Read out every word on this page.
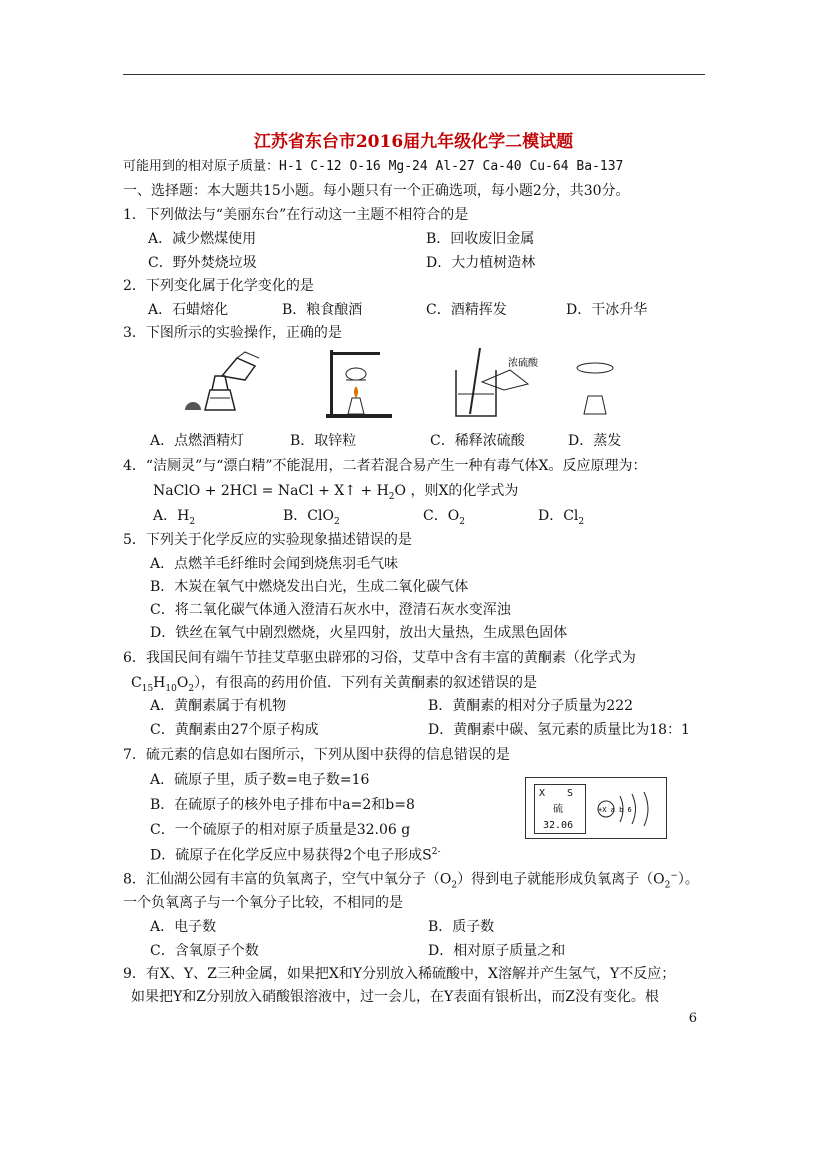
江苏省东台市2016届九年级化学二模试题
可能用到的相对原子质量：H-1 C-12 O-16 Mg-24 Al-27 Ca-40 Cu-64 Ba-137
一、选择题：本大题共15小题。每小题只有一个正确选项，每小题2分，共30分。
1．下列做法与“美丽东台”在行动这一主题不相符合的是
A．减少燃煤使用	B．回收废旧金属
C．野外焚烧垃圾	D．大力植树造林
2．下列变化属于化学变化的是
A．石蜡熔化	B．粮食酿酒	C．酒精挥发	D．干冰升华
3．下图所示的实验操作，正确的是
浓硫酸
A．点燃酒精灯	B．取锌粒	C．稀释浓硫酸	D．蒸发
4．“洁厕灵”与“漂白精”不能混用，二者若混合易产生一种有毒气体X。反应原理为：
NaClO + 2HCl = NaCl + X↑ + $H_2O$ ，则X的化学式为
A．$H_2$	B．ClO$_2$	C．$O_2$	D．$Cl_2$
5．下列关于化学反应的实验现象描述错误的是
A．点燃羊毛纤维时会闻到烧焦羽毛气味
B．木炭在氧气中燃烧发出白光，生成二氧化碳气体
C．将二氧化碳气体通入澄清石灰水中，澄清石灰水变浑浊
D．铁丝在氧气中剧烈燃烧，火星四射，放出大量热，生成黑色固体
6．我国民间有端午节挂艾草驱虫辟邪的习俗，艾草中含有丰富的黄酮素（化学式为
$C_{15}H_{10}O_2$），有很高的药用价值．下列有关黄酮素的叙述错误的是
A．黄酮素属于有机物	B．黄酮素的相对分子质量为222
C．黄酮素由27个原子构成	D．黄酮素中碳、氢元素的质量比为18：1
7．硫元素的信息如右图所示，下列从图中获得的信息错误的是
A．硫原子里，质子数=电子数=16
B．在硫原子的核外电子排布中a=2和b=8
C．一个硫原子的相对原子质量是32.06 g
D．硫原子在化学反应中易获得2个电子形成$S^{2-}$
X S
硫
32.06
+X a b 6
8．汇仙湖公园有丰富的负氧离子，空气中氧分子$(O_2)$得到电子就能形成负氧离子$(O_2^-)$。
一个负氧离子与一个氧分子比较，不相同的是
A．电子数	B．质子数
C．含氧原子个数	D．相对原子质量之和
9．有X、Y、Z三种金属，如果把X和Y分别放入稀硫酸中，X溶解并产生氢气，Y不反应；
如果把Y和Z分别放入硝酸银溶液中，过一会儿，在Y表面有银析出，而Z没有变化。根
6
